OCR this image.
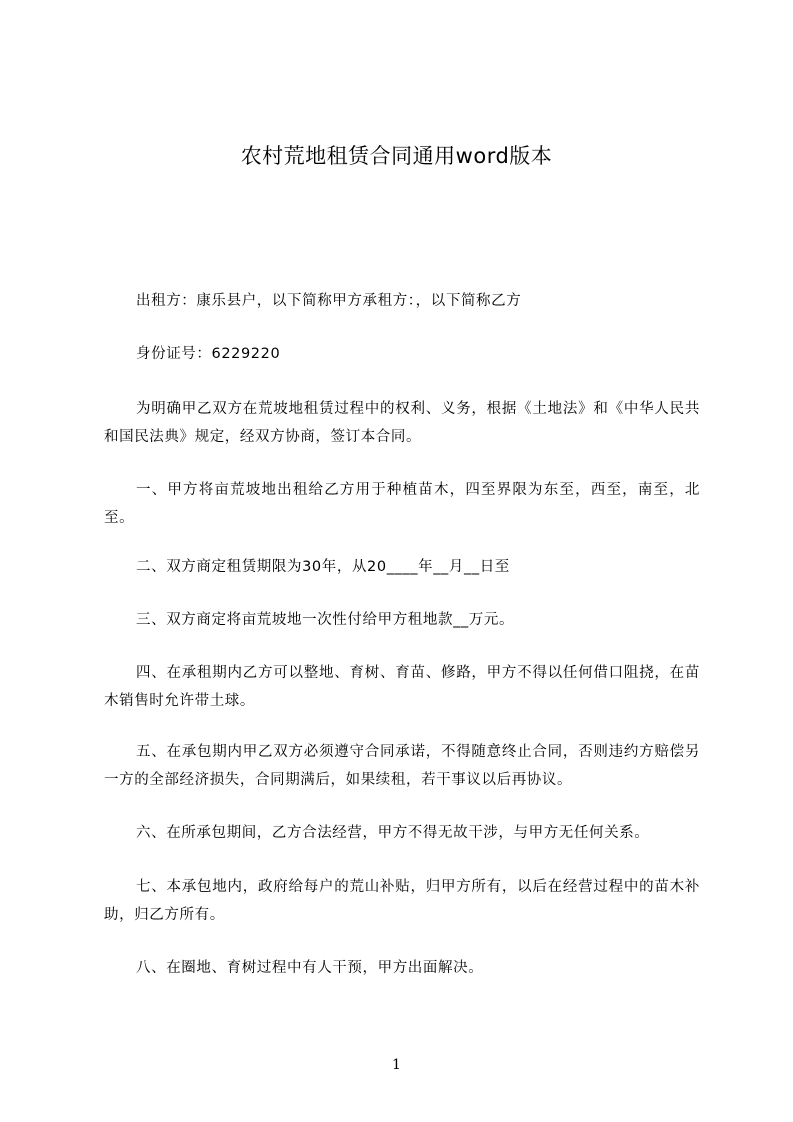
农村荒地租赁合同通用word版本

出租方：康乐县户，以下简称甲方承租方：，以下简称乙方

身份证号：6229220

为明确甲乙双方在荒坡地租赁过程中的权利、义务，根据《土地法》和《中华人民共和国民法典》规定，经双方协商，签订本合同。

一、甲方将亩荒坡地出租给乙方用于种植苗木，四至界限为东至，西至，南至，北至。

二、双方商定租赁期限为30年，从20____年__月__日至

三、双方商定将亩荒坡地一次性付给甲方租地款__万元。

四、在承租期内乙方可以整地、育树、育苗、修路，甲方不得以任何借口阻挠，在苗木销售时允许带土球。

五、在承包期内甲乙双方必须遵守合同承诺，不得随意终止合同，否则违约方赔偿另一方的全部经济损失，合同期满后，如果续租，若干事议以后再协议。

六、在所承包期间，乙方合法经营，甲方不得无故干涉，与甲方无任何关系。

七、本承包地内，政府给每户的荒山补贴，归甲方所有，以后在经营过程中的苗木补助，归乙方所有。

八、在圈地、育树过程中有人干预，甲方出面解决。

1
